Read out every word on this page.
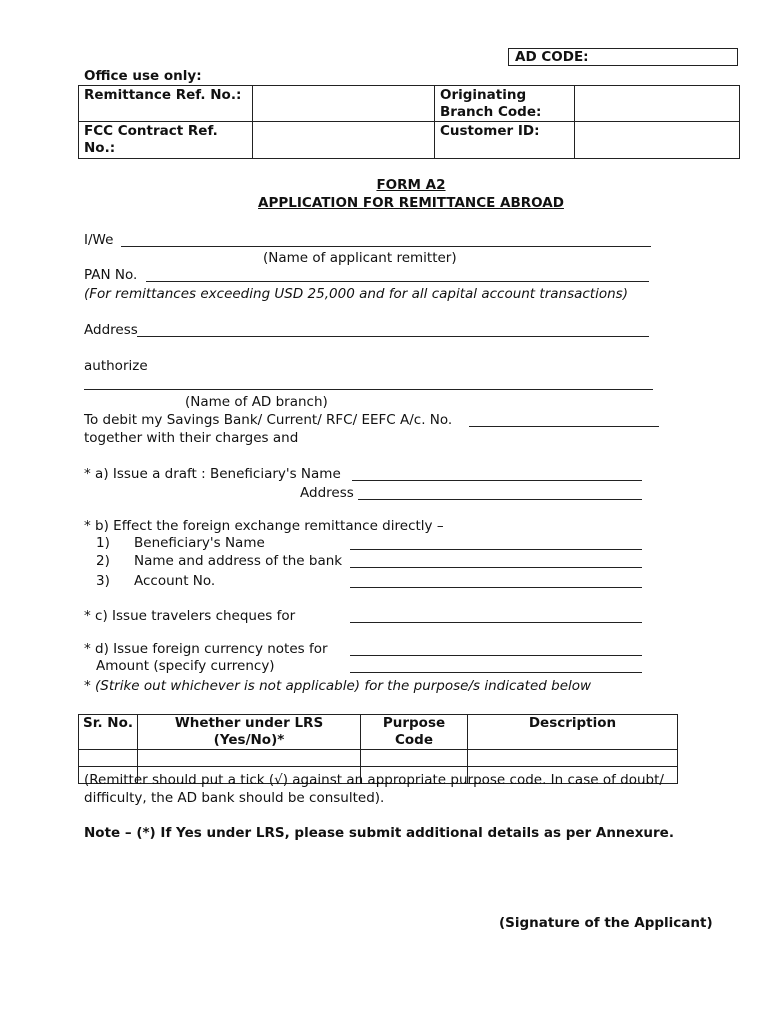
AD CODE:
Office use only:
Remittance Ref. No.:		Originating Branch Code:	
FCC Contract Ref. No.:		Customer ID:	
FORM A2
APPLICATION FOR REMITTANCE ABROAD
I/We
(Name of applicant remitter)
PAN No.
(For remittances exceeding USD 25,000 and for all capital account transactions)
Address
authorize
(Name of AD branch)
To debit my Savings Bank/ Current/ RFC/ EEFC A/c. No.
together with their charges and
* a) Issue a draft : Beneficiary's Name
Address
* b) Effect the foreign exchange remittance directly –
1) Beneficiary's Name
2) Name and address of the bank
3) Account No.
* c) Issue travelers cheques for
* d) Issue foreign currency notes for
Amount (specify currency)
* (Strike out whichever is not applicable) for the purpose/s indicated below
Sr. No.	Whether under LRS (Yes/No)*	Purpose Code	Description

(Remitter should put a tick (√) against an appropriate purpose code. In case of doubt/
difficulty, the AD bank should be consulted).
Note – (*) If Yes under LRS, please submit additional details as per Annexure.
(Signature of the Applicant)
